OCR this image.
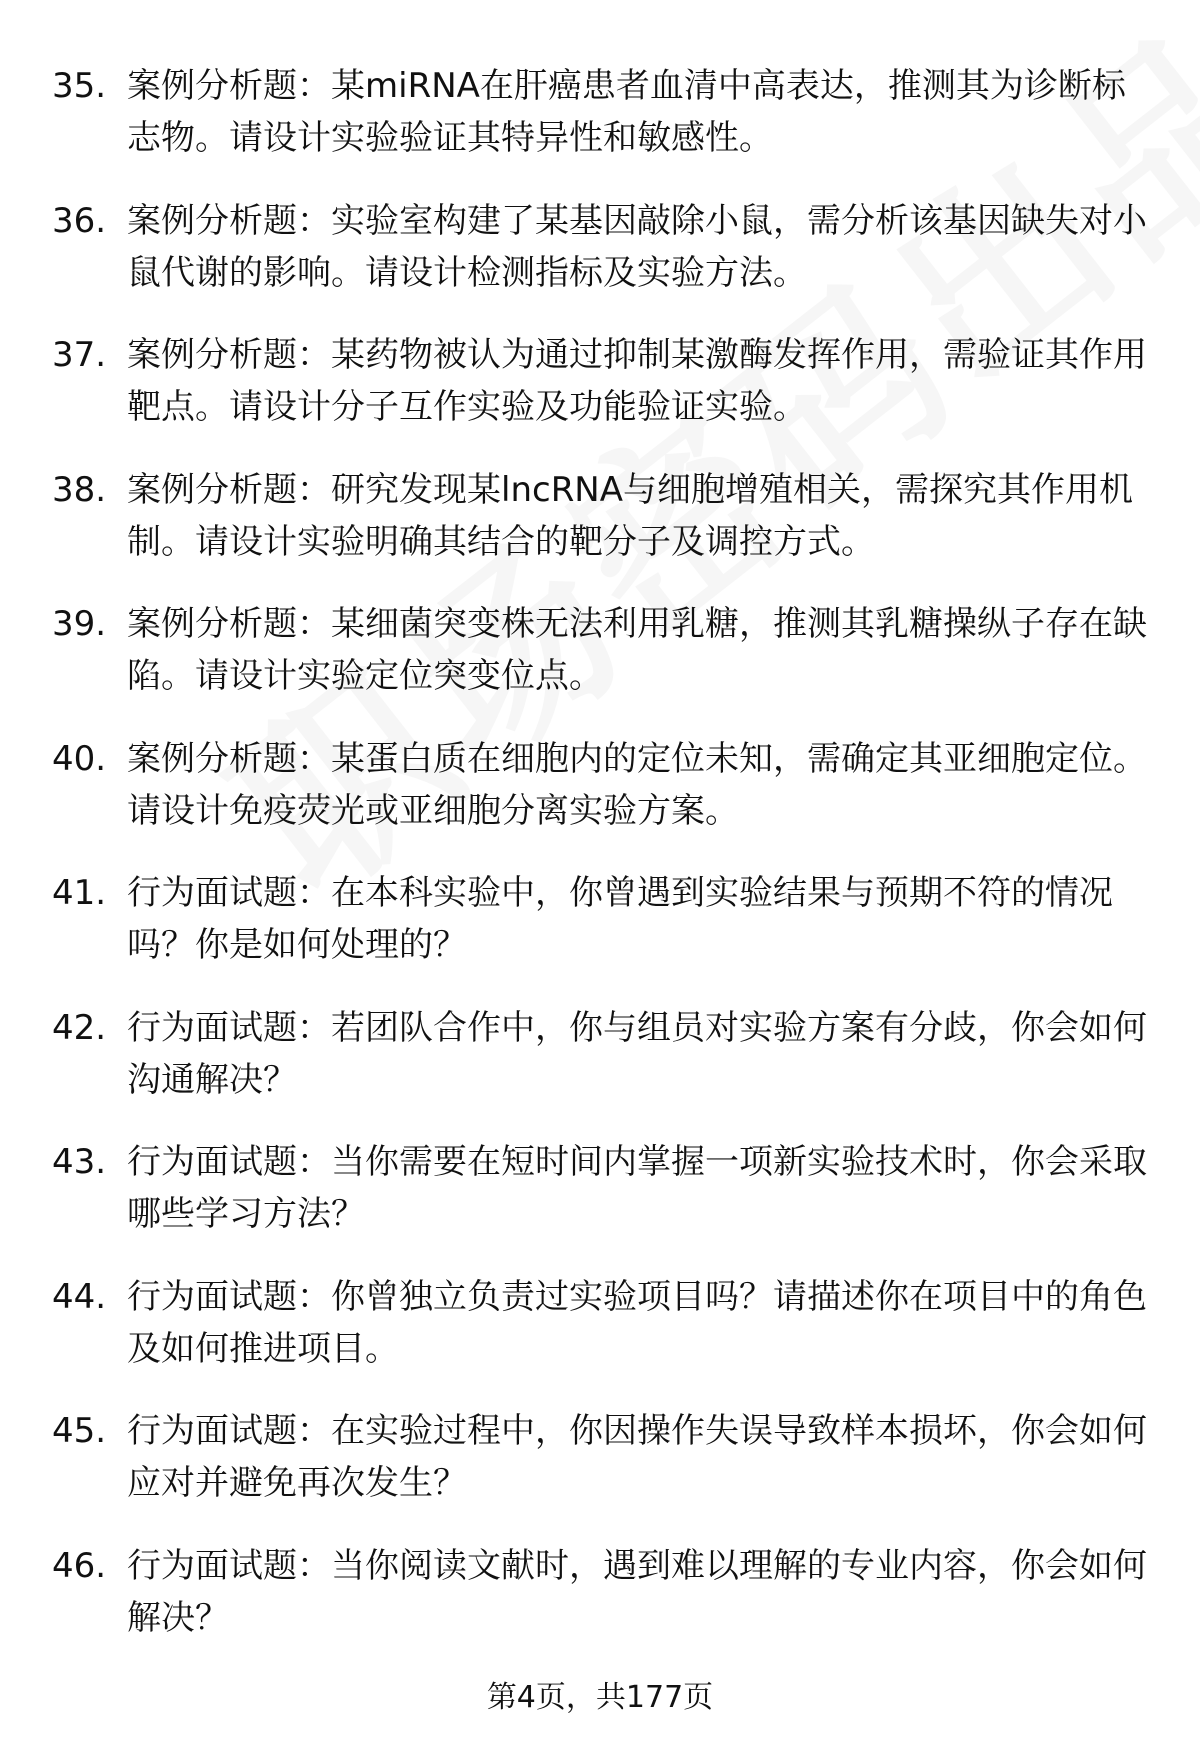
35. 案例分析题：某miRNA在肝癌患者血清中高表达，推测其为诊断标志物。请设计实验验证其特异性和敏感性。
36. 案例分析题：实验室构建了某基因敲除小鼠，需分析该基因缺失对小鼠代谢的影响。请设计检测指标及实验方法。
37. 案例分析题：某药物被认为通过抑制某激酶发挥作用，需验证其作用靶点。请设计分子互作实验及功能验证实验。
38. 案例分析题：研究发现某lncRNA与细胞增殖相关，需探究其作用机制。请设计实验明确其结合的靶分子及调控方式。
39. 案例分析题：某细菌突变株无法利用乳糖，推测其乳糖操纵子存在缺陷。请设计实验定位突变位点。
40. 案例分析题：某蛋白质在细胞内的定位未知，需确定其亚细胞定位。请设计免疫荧光或亚细胞分离实验方案。
41. 行为面试题：在本科实验中，你曾遇到实验结果与预期不符的情况吗？你是如何处理的？
42. 行为面试题：若团队合作中，你与组员对实验方案有分歧，你会如何沟通解决？
43. 行为面试题：当你需要在短时间内掌握一项新实验技术时，你会采取哪些学习方法？
44. 行为面试题：你曾独立负责过实验项目吗？请描述你在项目中的角色及如何推进项目。
45. 行为面试题：在实验过程中，你因操作失误导致样本损坏，你会如何应对并避免再次发生？
46. 行为面试题：当你阅读文献时，遇到难以理解的专业内容，你会如何解决？
第4页，共177页
